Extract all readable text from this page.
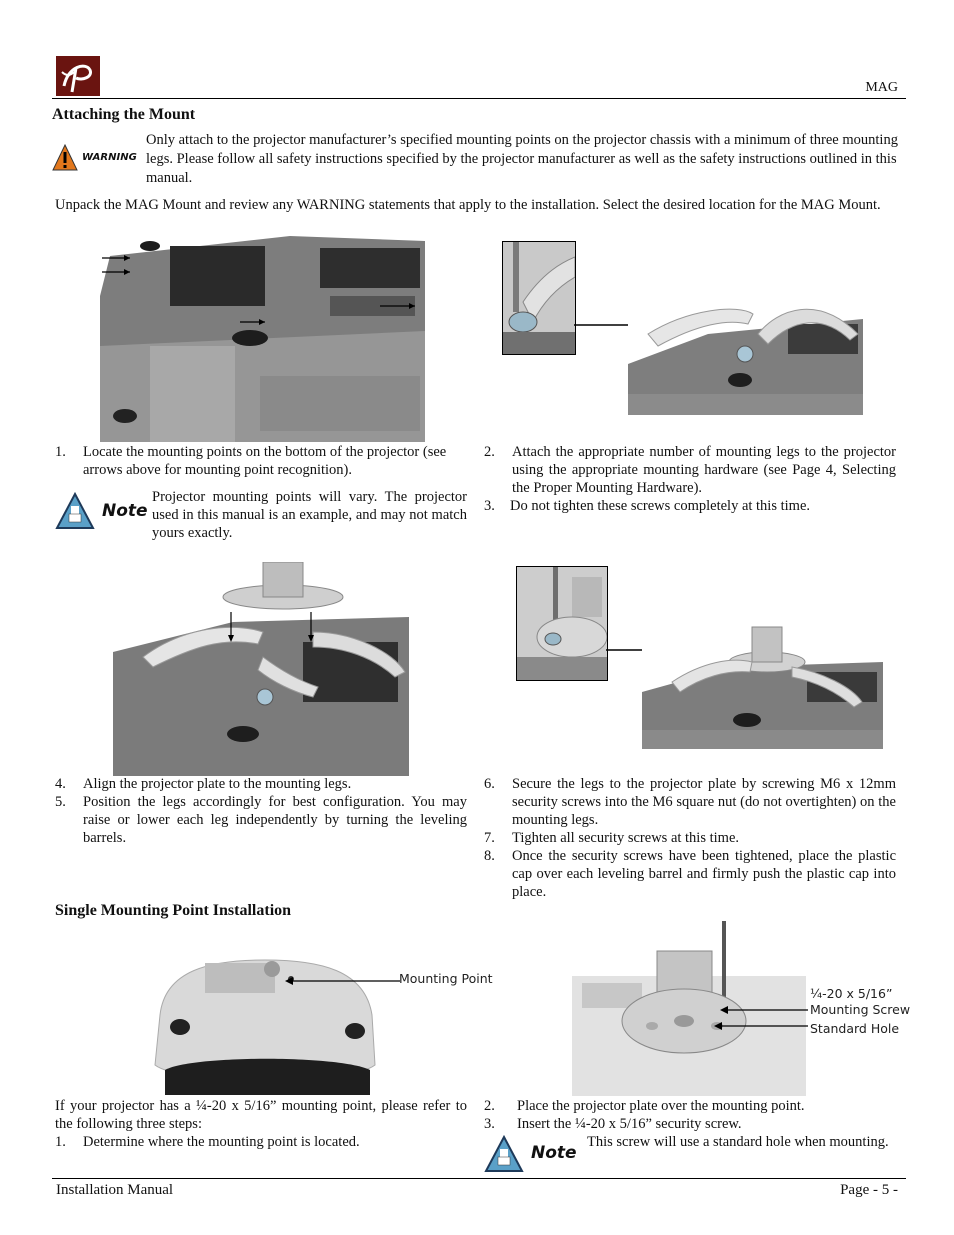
MAG
Attaching the Mount
WARNING
Only attach to the projector manufacturer’s specified mounting points on the projector chassis with a minimum of three mounting legs. Please follow all safety instructions specified by the projector manufacturer as well as the safety instructions outlined in this manual.
Unpack the MAG Mount and review any WARNING statements that apply to the installation. Select the desired location for the MAG Mount.
1. Locate the mounting points on the bottom of the projector (see arrows above for mounting point recognition).
2. Attach the appropriate number of mounting legs to the projector using the appropriate mounting hardware (see Page 4, Selecting the Proper Mounting Hardware).
3. Do not tighten these screws completely at this time.
Note
Projector mounting points will vary. The projector used in this manual is an example, and may not match yours exactly.
4. Align the projector plate to the mounting legs.
5. Position the legs accordingly for best configuration. You may raise or lower each leg independently by turning the leveling barrels.
6. Secure the legs to the projector plate by screwing M6 x 12mm security screws into the M6 square nut (do not overtighten) on the mounting legs.
7. Tighten all security screws at this time.
8. Once the security screws have been tightened, place the plastic cap over each leveling barrel and firmly push the plastic cap into place.
Single Mounting Point Installation
Mounting Point
¼-20 x 5/16”
Mounting Screw
Standard Hole
If your projector has a ¼-20 x 5/16” mounting point, please refer to the following three steps:
1. Determine where the mounting point is located.
2. Place the projector plate over the mounting point.
3. Insert the ¼-20 x 5/16” security screw.
Note
This screw will use a standard hole when mounting.
Installation Manual	Page - 5 -
